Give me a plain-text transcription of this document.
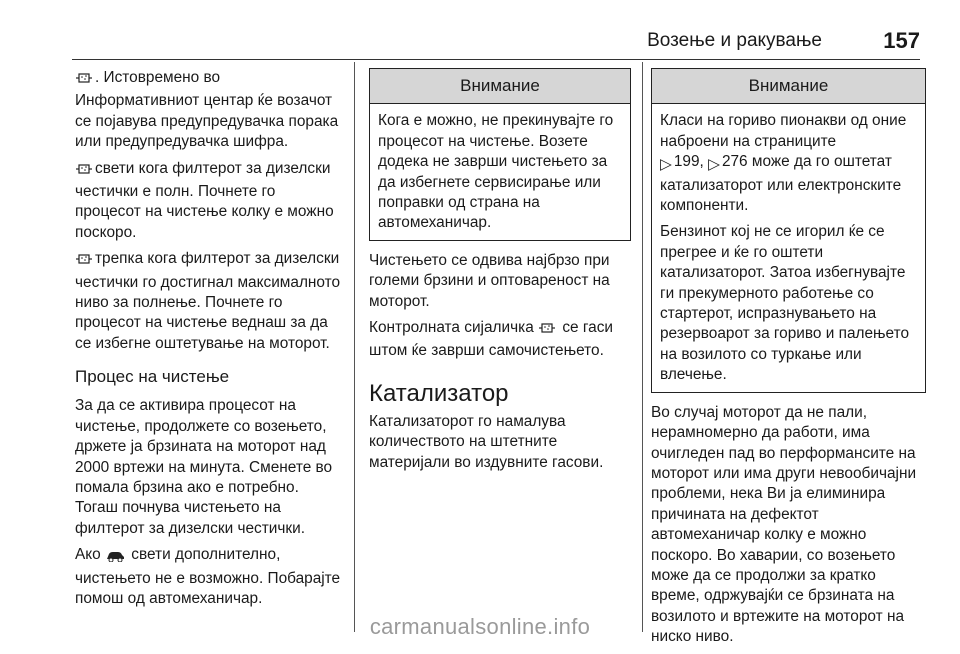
Возење и ракување	157

. Истовремено во Информативниот центар ќе возачот се појавува предупредувачка порака или предупредувачка шифра.

свети кога филтерот за дизелски честички е полн. Почнете го процесот на чистење колку е можно поскоро.

трепка кога филтерот за дизелски честички го достигнал максималното ниво за полнење. Почнете го процесот на чистење веднаш за да се избегне оштетување на моторот.

Процес на чистење

За да се активира процесот на чистење, продолжете со возењето, држете ја брзината на моторот над 2000 вртежи на минута. Сменете во помала брзина ако е потребно. Тогаш почнува чистењето на филтерот за дизелски честички.

Ако свети дополнително, чистењето не е возможно. Побарајте помош од автомеханичар.

Внимание
Кога е можно, не прекинувајте го процесот на чистење. Возете додека не заврши чистењето за да избегнете сервисирање или поправки од страна на автомеханичар.

Чистењето се одвива најбрзо при големи брзини и оптовареност на моторот.

Контролната сијаличка се гаси штом ќе заврши самочистењето.

Катализатор

Катализаторот го намалува количеството на штетните материјали во издувните гасови.

Внимание

Класи на гориво пионакви од оние наброени на страниците
▷ 199, ▷ 276 може да го оштетат катализаторот или електронските компоненти.

Бензинот кој не се игорил ќе се прегрее и ќе го оштети катализаторот. Затоа избегнувајте ги прекумерното работење со стартерот, испразнувањето на резервоарот за гориво и палењето на возилото со туркање или влечење.

Во случај моторот да не пали, нерамномерно да работи, има очигледен пад во перформансите на моторот или има други невообичајни проблеми, нека Ви ја елиминира причината на дефектот автомеханичар колку е можно поскоро. Во хаварии, со возењето може да се продолжи за кратко време, одржувајќи се брзината на возилото и вртежите на моторот на ниско ниво.

carmanualsonline.info
